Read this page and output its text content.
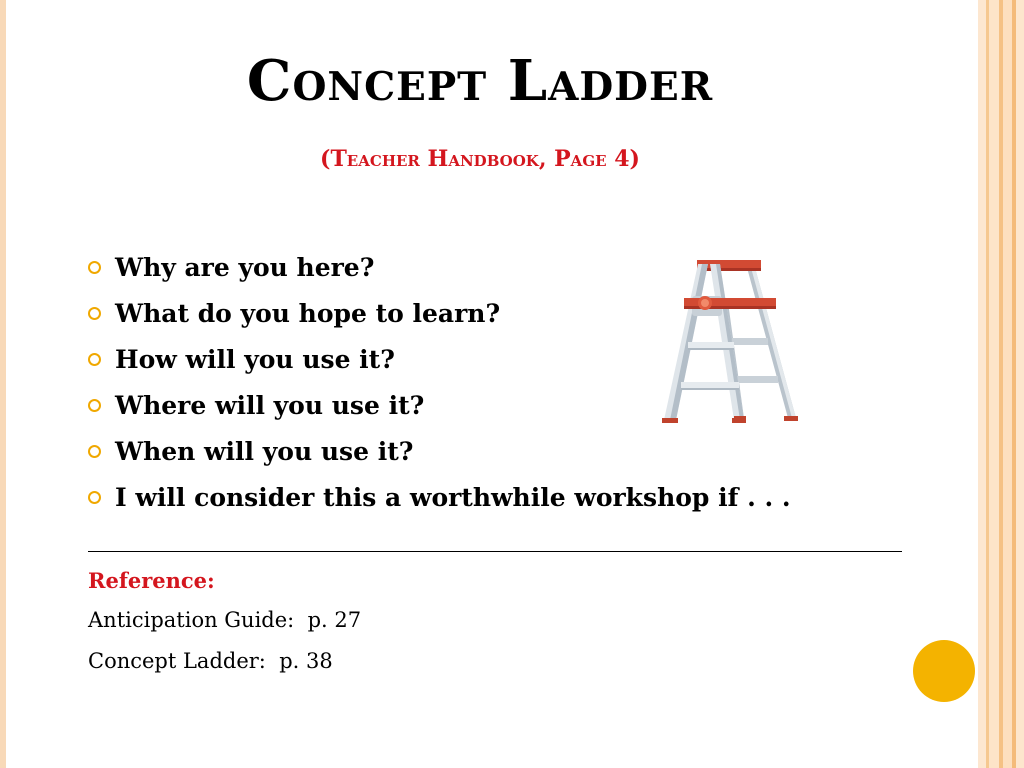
Concept Ladder
(Teacher Handbook, Page 4)
Why are you here?
What do you hope to learn?
How will you use it?
Where will you use it?
When will you use it?
I will consider this a worthwhile workshop if . . .
Reference:
Anticipation Guide:  p. 27
Concept Ladder:  p. 38
